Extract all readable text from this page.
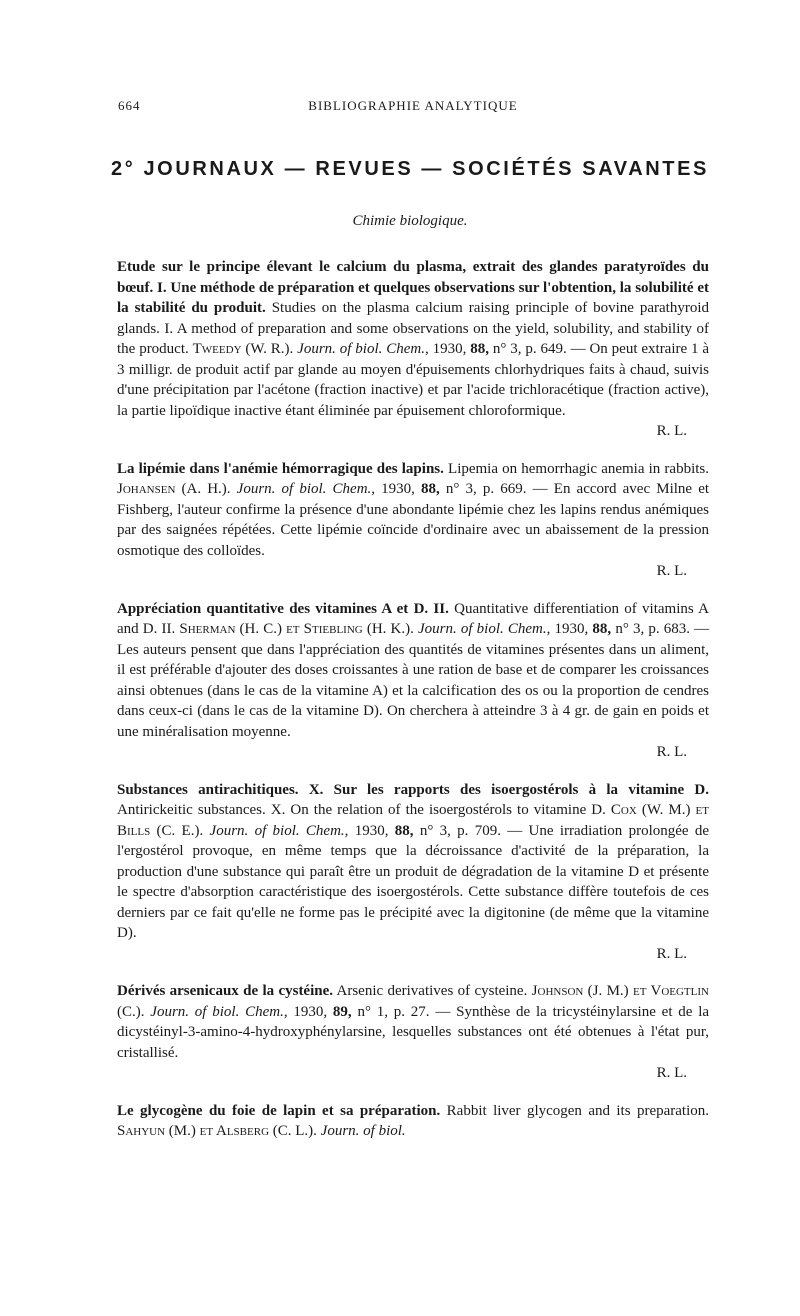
664	BIBLIOGRAPHIE ANALYTIQUE
2° JOURNAUX — REVUES — SOCIÉTÉS SAVANTES
Chimie biologique.

Etude sur le principe élevant le calcium du plasma, extrait des glandes paratyroïdes du bœuf. I. Une méthode de préparation et quelques observations sur l'obtention, la solubilité et la stabilité du produit. Studies on the plasma calcium raising principle of bovine parathyroid glands. I. A method of preparation and some observations on the yield, solubility, and stability of the product. Tweedy (W. R.). Journ. of biol. Chem., 1930, 88, n° 3, p. 649. — On peut extraire 1 à 3 milligr. de produit actif par glande au moyen d'épuisements chlorhydriques faits à chaud, suivis d'une précipitation par l'acétone (fraction inactive) et par l'acide trichloracétique (fraction active), la partie lipoïdique inactive étant éliminée par épuisement chloroformique.
R. L.

La lipémie dans l'anémie hémorragique des lapins. Lipemia on hemorrhagic anemia in rabbits. Johansen (A. H.). Journ. of biol. Chem., 1930, 88, n° 3, p. 669. — En accord avec Milne et Fishberg, l'auteur confirme la présence d'une abondante lipémie chez les lapins rendus anémiques par des saignées répétées. Cette lipémie coïncide d'ordinaire avec un abaissement de la pression osmotique des colloïdes.
R. L.

Appréciation quantitative des vitamines A et D. II. Quantitative differentiation of vitamins A and D. II. Sherman (H. C.) et Stiebling (H. K.). Journ. of biol. Chem., 1930, 88, n° 3, p. 683. — Les auteurs pensent que dans l'appréciation des quantités de vitamines présentes dans un aliment, il est préférable d'ajouter des doses croissantes à une ration de base et de comparer les croissances ainsi obtenues (dans le cas de la vitamine A) et la calcification des os ou la proportion de cendres dans ceux-ci (dans le cas de la vitamine D). On cherchera à atteindre 3 à 4 gr. de gain en poids et une minéralisation moyenne.
R. L.

Substances antirachitiques. X. Sur les rapports des isoergostérols à la vitamine D. Antirickeitic substances. X. On the relation of the isoergostérols to vitamine D. Cox (W. M.) et Bills (C. E.). Journ. of biol. Chem., 1930, 88, n° 3, p. 709. — Une irradiation prolongée de l'ergostérol provoque, en même temps que la décroissance d'activité de la préparation, la production d'une substance qui paraît être un produit de dégradation de la vitamine D et présente le spectre d'absorption caractéristique des isoergostérols. Cette substance diffère toutefois de ces derniers par ce fait qu'elle ne forme pas le précipité avec la digitonine (de même que la vitamine D).
R. L.

Dérivés arsenicaux de la cystéine. Arsenic derivatives of cysteine. Johnson (J. M.) et Voegtlin (C.). Journ. of biol. Chem., 1930, 89, n° 1, p. 27. — Synthèse de la tricystéinylarsine et de la dicystéinyl-3-amino-4-hydroxyphénylarsine, lesquelles substances ont été obtenues à l'état pur, cristallisé.
R. L.

Le glycogène du foie de lapin et sa préparation. Rabbit liver glycogen and its preparation. Sahyun (M.) et Alsberg (C. L.). Journ. of biol.
